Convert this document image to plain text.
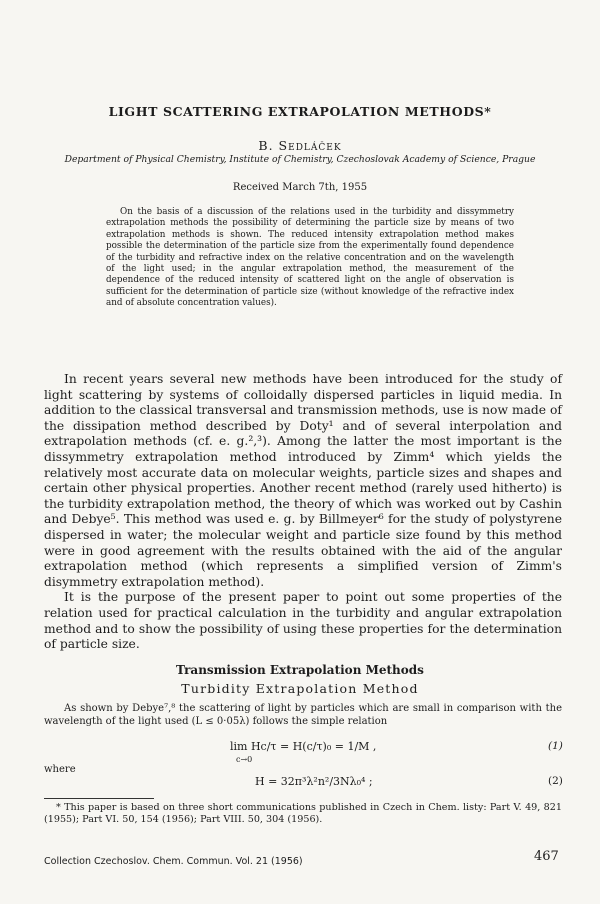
LIGHT SCATTERING EXTRAPOLATION METHODS*
B. Sedláček
Department of Physical Chemistry, Institute of Chemistry, Czechoslovak Academy of Science, Prague
Received March 7th, 1955

On the basis of a discussion of the relations used in the turbidity and dissymmetry extrapolation methods the possibility of determining the particle size by means of two extrapolation methods is shown. The reduced intensity extrapolation method makes possible the determination of the particle size from the experimentally found dependence of the turbidity and refractive index on the relative concentration and on the wavelength of the light used; in the angular extrapolation method, the measurement of the dependence of the reduced intensity of scattered light on the angle of observation is sufficient for the determination of particle size (without knowledge of the refractive index and of absolute concentration values).

In recent years several new methods have been introduced for the study of light scattering by systems of colloidally dispersed particles in liquid media. In addition to the classical transversal and transmission methods, use is now made of the dissipation method described by Doty¹ and of several interpolation and extrapolation methods (cf. e. g.²,³). Among the latter the most important is the dissymmetry extrapolation method introduced by Zimm⁴ which yields the relatively most accurate data on molecular weights, particle sizes and shapes and certain other physical properties. Another recent method (rarely used hitherto) is the turbidity extrapolation method, the theory of which was worked out by Cashin and Debye⁵. This method was used e. g. by Billmeyer⁶ for the study of polystyrene dispersed in water; the molecular weight and particle size found by this method were in good agreement with the results obtained with the aid of the angular extrapolation method (which represents a simplified version of Zimm's disymmetry extrapolation method).

It is the purpose of the present paper to point out some properties of the relation used for practical calculation in the turbidity and angular extrapolation method and to show the possibility of using these properties for the determination of particle size.

Transmission Extrapolation Methods
Turbidity Extrapolation Method

As shown by Debye⁷,⁸ the scattering of light by particles which are small in comparison with the wavelength of the light used (L ≤ 0·05λ) follows the simple relation

lim Hc/τ = H(c/τ)₀ = 1/M ,
c→0
(1)
where
H = 32π³λ²n²/3Nλ₀⁴ ;	(2)

* This paper is based on three short communications published in Czech in Chem. listy: Part V. 49, 821 (1955); Part VI. 50, 154 (1956); Part VIII. 50, 304 (1956).

Collection Czechoslov. Chem. Commun. Vol. 21 (1956)	467
